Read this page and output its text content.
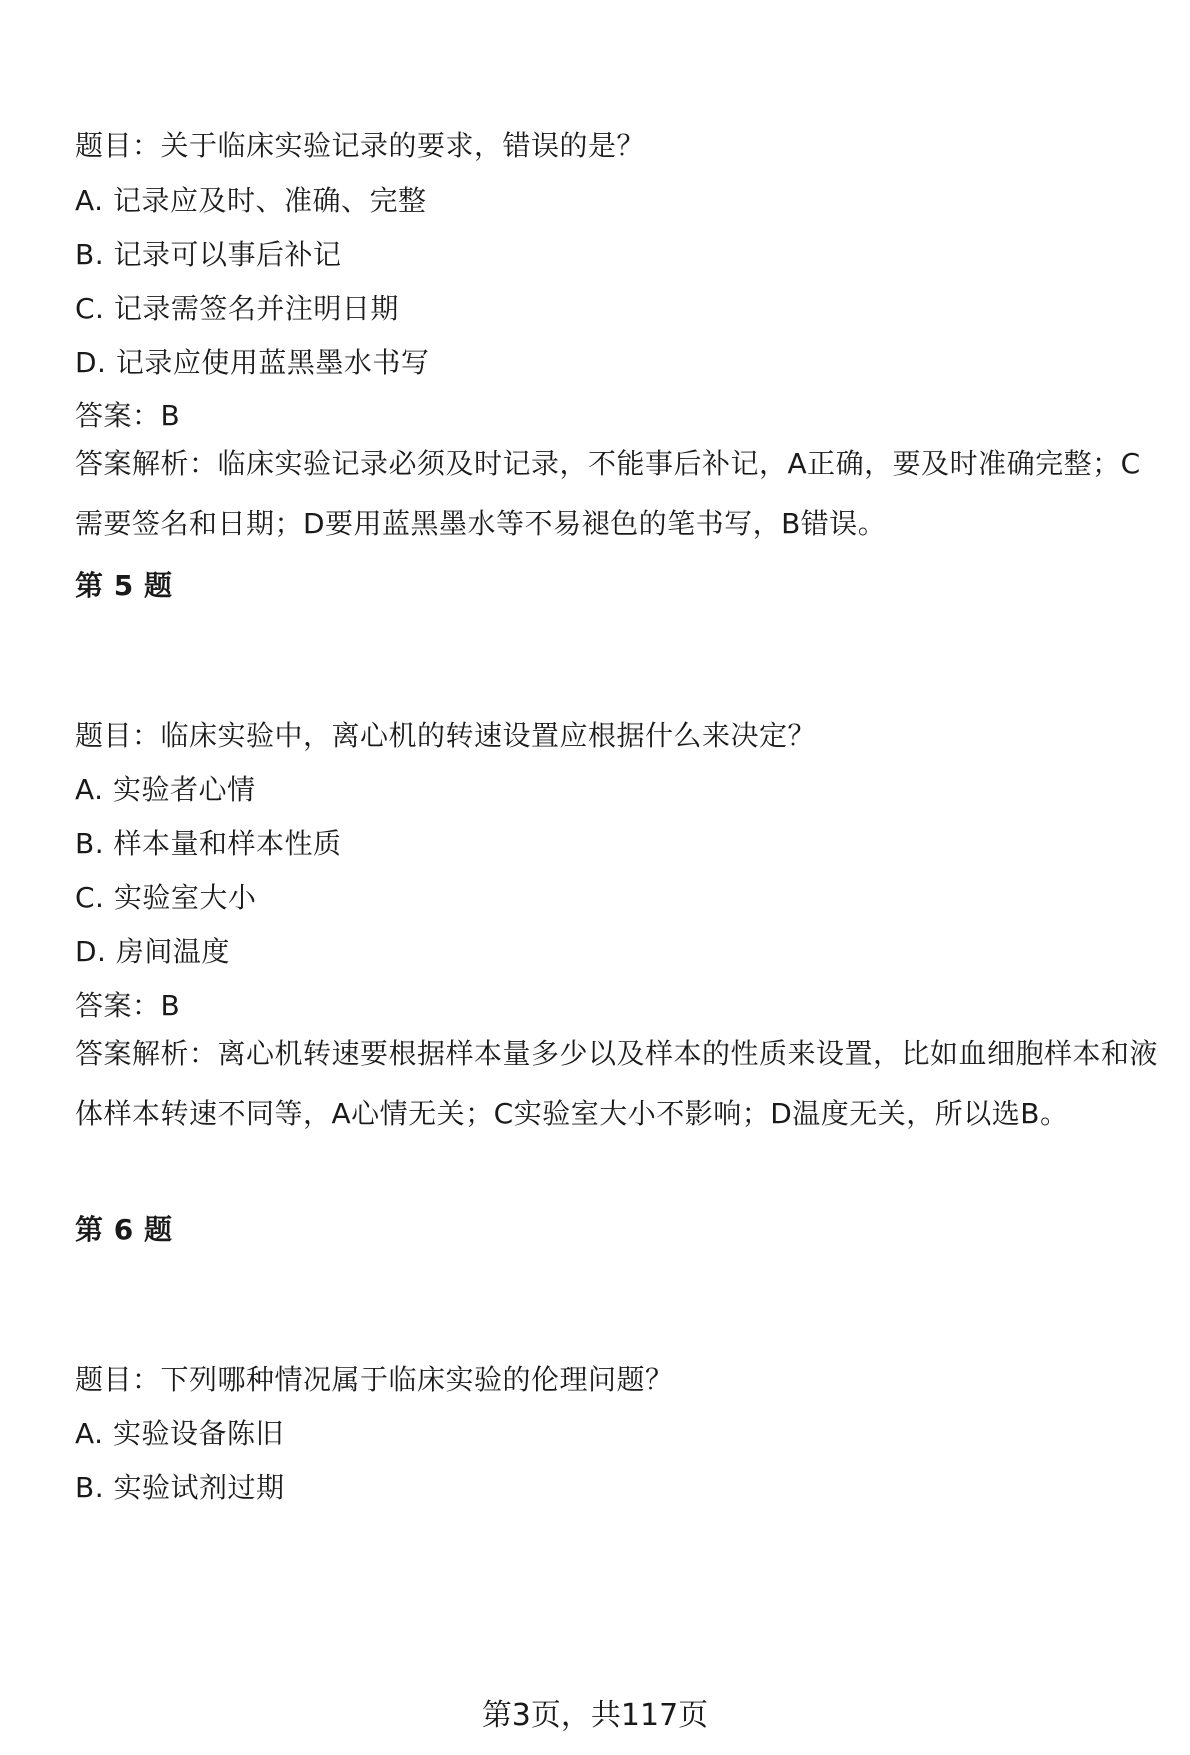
题目：关于临床实验记录的要求，错误的是？
A. 记录应及时、准确、完整
B. 记录可以事后补记
C. 记录需签名并注明日期
D. 记录应使用蓝黑墨水书写
答案：B
答案解析：临床实验记录必须及时记录，不能事后补记，A正确，要及时准确完整；C需要签名和日期；D要用蓝黑墨水等不易褪色的笔书写，B错误。
第 5 题
题目：临床实验中，离心机的转速设置应根据什么来决定？
A. 实验者心情
B. 样本量和样本性质
C. 实验室大小
D. 房间温度
答案：B
答案解析：离心机转速要根据样本量多少以及样本的性质来设置，比如血细胞样本和液体样本转速不同等，A心情无关；C实验室大小不影响；D温度无关，所以选B。
第 6 题
题目：下列哪种情况属于临床实验的伦理问题？
A. 实验设备陈旧
B. 实验试剂过期
第3页，共117页
